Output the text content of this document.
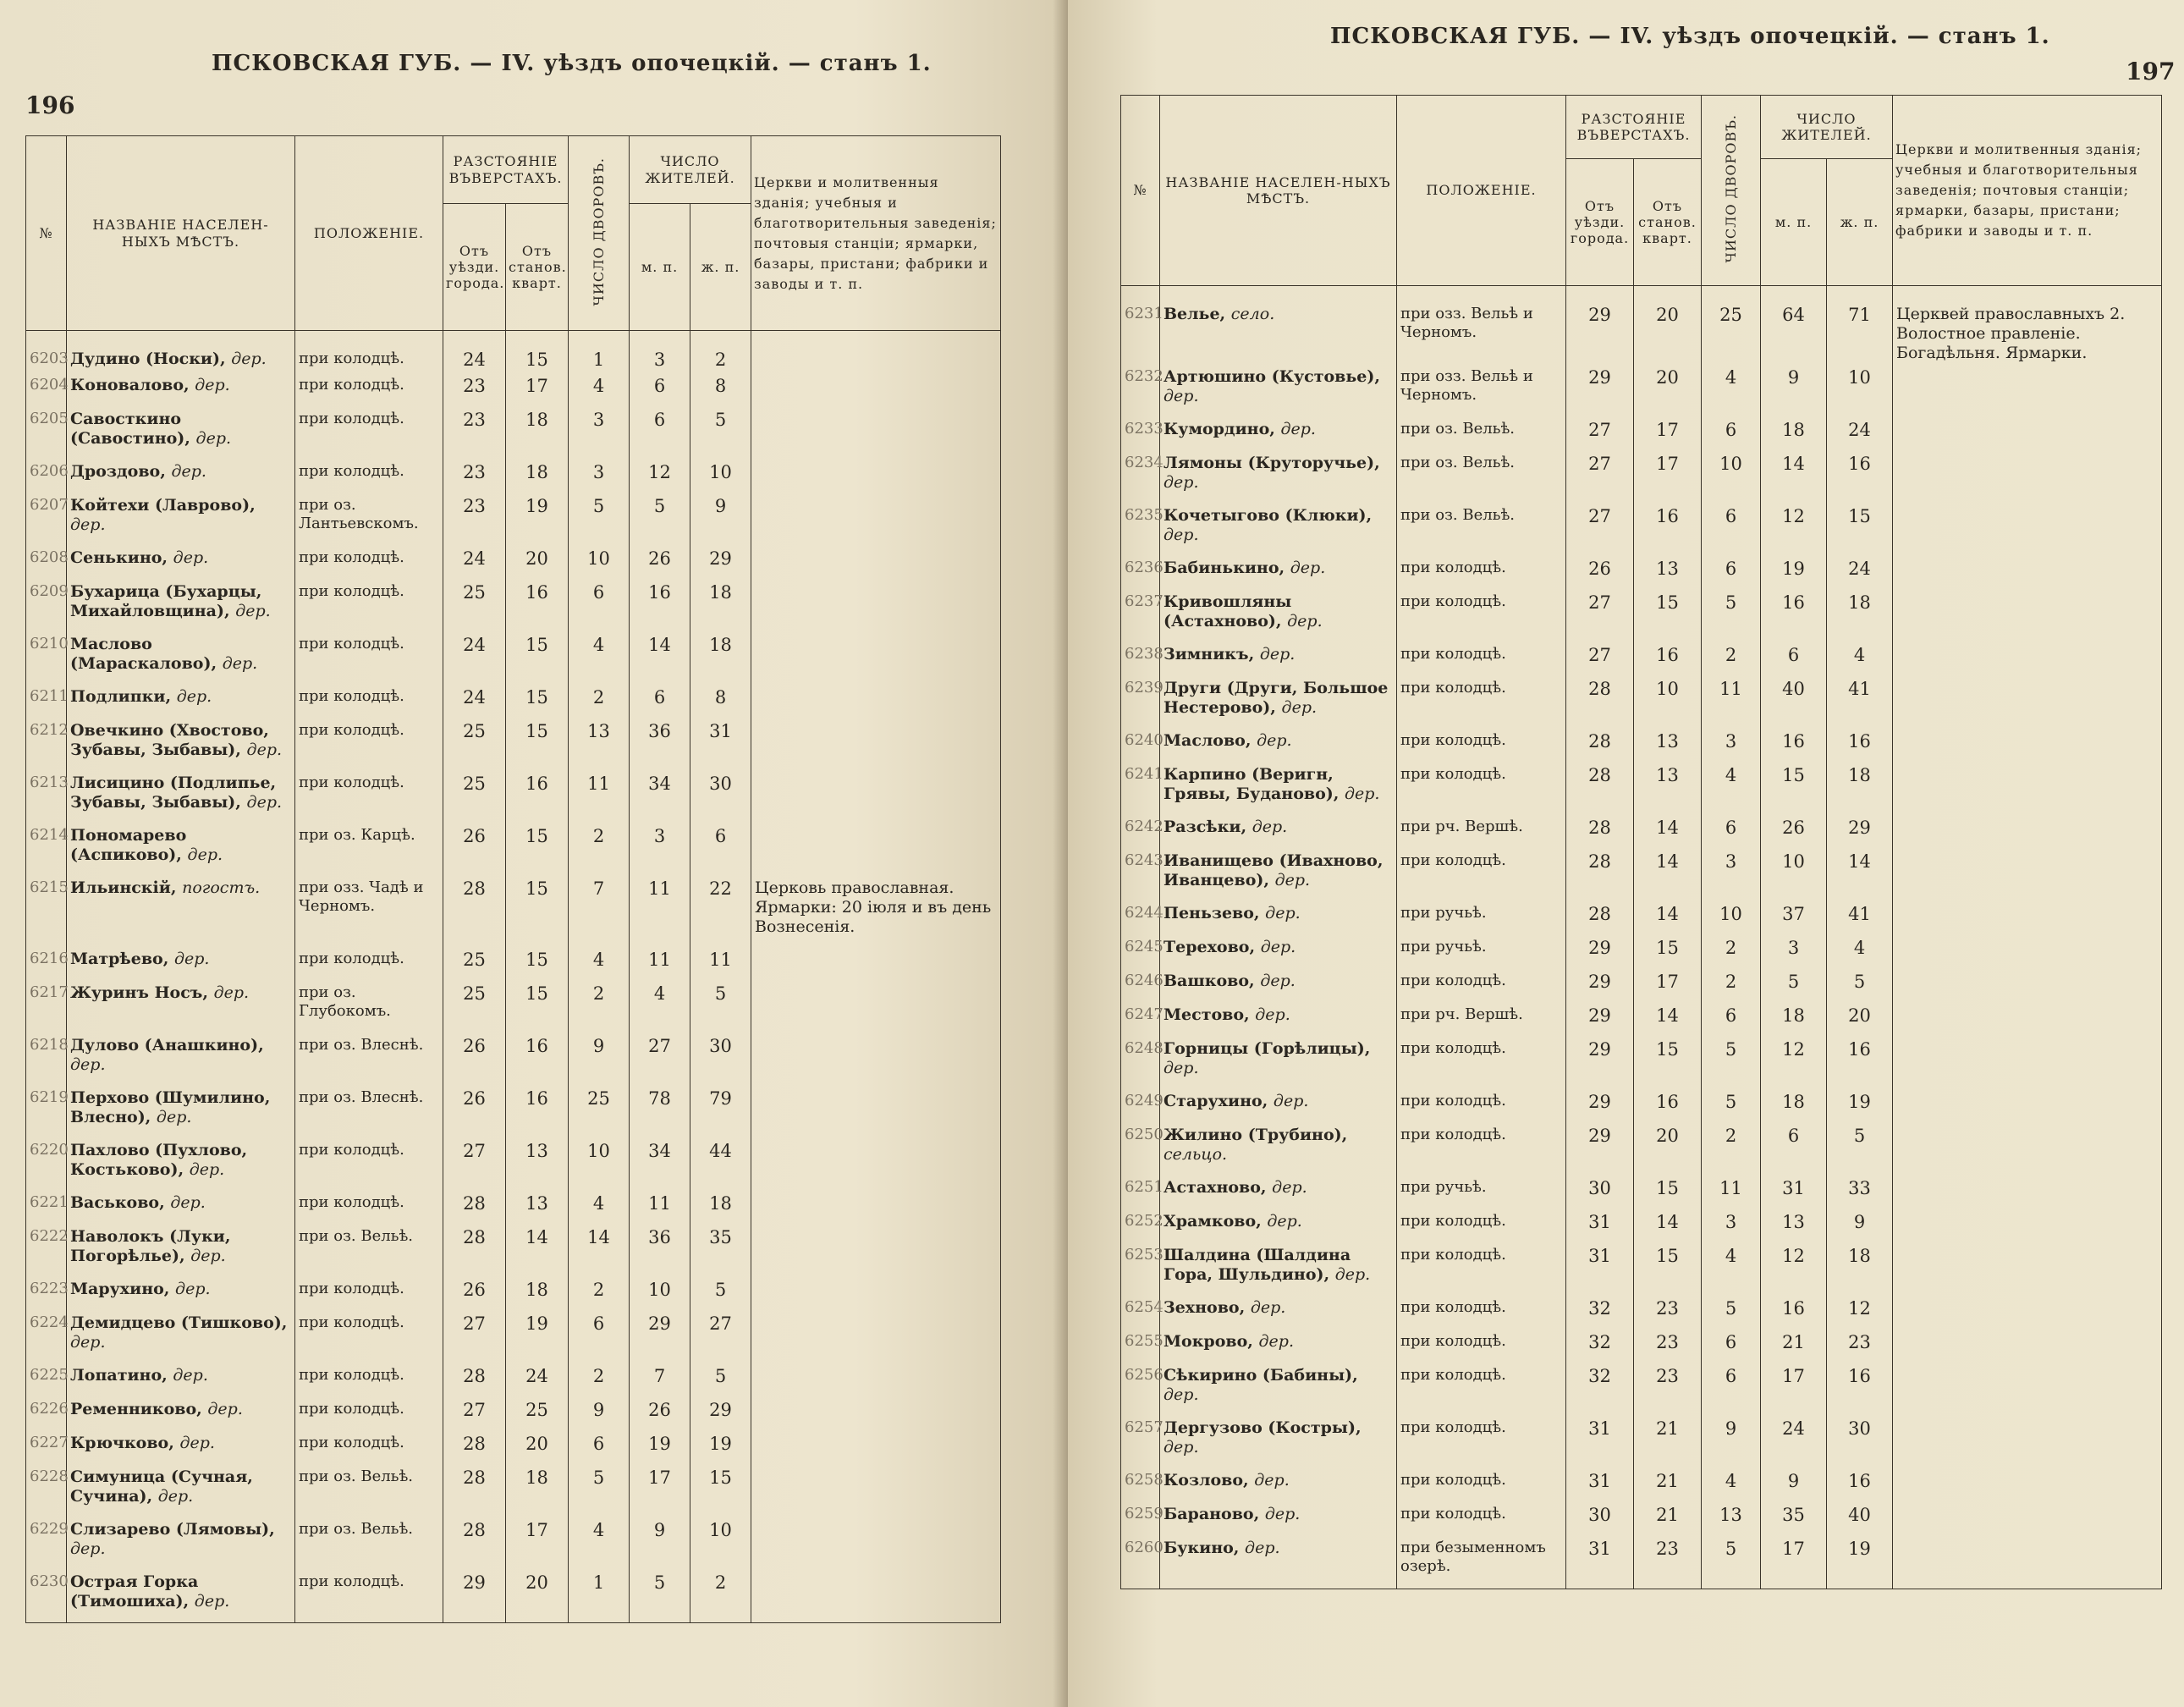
196
ПСКОВСКАЯ ГУБ. — IV. уѣздъ опочецкій. — станъ 1.
№	НАЗВАНІЕ НАСЕЛЕН-НЫХЪ МѢСТЪ.	ПОЛОЖЕНІЕ.	РАЗСТОЯНІЕ ВЪВЕРСТАХЪ.		ЧИСЛО ДВОРОВЪ.	ЧИСЛО ЖИТЕЛЕЙ.		Церкви и молитвенныя зданія; учебныя и благотворительныя заведенія; почтовыя станціи; ярмарки, базары, пристани; фабрики и заводы и т. п.
			Отъ уѣзди. города.	Отъ станов. кварт.		м. п.	ж. п.	
6203	Дудино (Носки), дер.	при колодцѣ.	24	15	1	3	2	
6204	Коновалово, дер.	при колодцѣ.	23	17	4	6	8	
6205	Савосткино (Савостино), дер.	при колодцѣ.	23	18	3	6	5	
6206	Дроздово, дер.	при колодцѣ.	23	18	3	12	10	
6207	Койтехи (Лаврово), дер.	при оз. Лантьевскомъ.	23	19	5	5	9	
6208	Сенькино, дер.	при колодцѣ.	24	20	10	26	29	
6209	Бухарица (Бухарцы, Михайловщина), дер.	при колодцѣ.	25	16	6	16	18	
6210	Маслово (Мараскалово), дер.	при колодцѣ.	24	15	4	14	18	
6211	Подлипки, дер.	при колодцѣ.	24	15	2	6	8	
6212	Овечкино (Хвостово, Зубавы, Зыбавы), дер.	при колодцѣ.	25	15	13	36	31	
6213	Лисицино (Подлипье, Зубавы, Зыбавы), дер.	при колодцѣ.	25	16	11	34	30	
6214	Пономарево (Аспиково), дер.	при оз. Карцѣ.	26	15	2	3	6	
6215	Ильинскій, погостъ.	при озз. Чадѣ и Черномъ.	28	15	7	11	22	Церковь православная. Ярмарки: 20 іюля и въ день Вознесенія.
6216	Матрѣево, дер.	при колодцѣ.	25	15	4	11	11	
6217	Журинъ Носъ, дер.	при оз. Глубокомъ.	25	15	2	4	5	
6218	Дулово (Анашкино), дер.	при оз. Влеснѣ.	26	16	9	27	30	
6219	Перхово (Шумилино, Влесно), дер.	при оз. Влеснѣ.	26	16	25	78	79	
6220	Пахлово (Пухлово, Костьково), дер.	при колодцѣ.	27	13	10	34	44	
6221	Васьково, дер.	при колодцѣ.	28	13	4	11	18	
6222	Наволокъ (Луки, Погорѣлье), дер.	при оз. Вельѣ.	28	14	14	36	35	
6223	Марухино, дер.	при колодцѣ.	26	18	2	10	5	
6224	Демидцево (Тишково), дер.	при колодцѣ.	27	19	6	29	27	
6225	Лопатино, дер.	при колодцѣ.	28	24	2	7	5	
6226	Ременниково, дер.	при колодцѣ.	27	25	9	26	29	
6227	Крючково, дер.	при колодцѣ.	28	20	6	19	19	
6228	Симуница (Сучная, Сучина), дер.	при оз. Вельѣ.	28	18	5	17	15	
6229	Слизарево (Лямовы), дер.	при оз. Вельѣ.	28	17	4	9	10	
6230	Острая Горка (Тимошиха), дер.	при колодцѣ.	29	20	1	5	2	
ПСКОВСКАЯ ГУБ. — IV. уѣздъ опочецкій. — станъ 1.
197
№	НАЗВАНІЕ НАСЕЛЕН-НЫХЪ МѢСТЪ.	ПОЛОЖЕНІЕ.	РАЗСТОЯНІЕ ВЪВЕРСТАХЪ.		ЧИСЛО ДВОРОВЪ.	ЧИСЛО ЖИТЕЛЕЙ.		Церкви и молитвенныя зданія; учебныя и благотворительныя заведенія; почтовыя станціи; ярмарки, базары, пристани; фабрики и заводы и т. п.
			Отъ уѣзди. города.	Отъ станов. кварт.		м. п.	ж. п.	
6231	Велье, село.	при озз. Вельѣ и Черномъ.	29	20	25	64	71	Церквей православныхъ 2. Волостное правленіе. Богадѣльня. Ярмарки.
6232	Артюшино (Кустовье), дер.	при озз. Вельѣ и Черномъ.	29	20	4	9	10	
6233	Кумордино, дер.	при оз. Вельѣ.	27	17	6	18	24	
6234	Лямоны (Круторучье), дер.	при оз. Вельѣ.	27	17	10	14	16	
6235	Кочетыгово (Клюки), дер.	при оз. Вельѣ.	27	16	6	12	15	
6236	Бабинькино, дер.	при колодцѣ.	26	13	6	19	24	
6237	Кривошляны (Астахново), дер.	при колодцѣ.	27	15	5	16	18	
6238	Зимникъ, дер.	при колодцѣ.	27	16	2	6	4	
6239	Други (Други, Большое Нестерово), дер.	при колодцѣ.	28	10	11	40	41	
6240	Маслово, дер.	при колодцѣ.	28	13	3	16	16	
6241	Карпино (Веригн, Грявы, Буданово), дер.	при колодцѣ.	28	13	4	15	18	
6242	Разсѣки, дер.	при рч. Вершѣ.	28	14	6	26	29	
6243	Иванищево (Ивахново, Иванцево), дер.	при колодцѣ.	28	14	3	10	14	
6244	Пеньзево, дер.	при ручьѣ.	28	14	10	37	41	
6245	Терехово, дер.	при ручьѣ.	29	15	2	3	4	
6246	Вашково, дер.	при колодцѣ.	29	17	2	5	5	
6247	Местово, дер.	при рч. Вершѣ.	29	14	6	18	20	
6248	Горницы (Горѣлицы), дер.	при колодцѣ.	29	15	5	12	16	
6249	Старухино, дер.	при колодцѣ.	29	16	5	18	19	
6250	Жилино (Трубино), сельцо.	при колодцѣ.	29	20	2	6	5	
6251	Астахново, дер.	при ручьѣ.	30	15	11	31	33	
6252	Храмково, дер.	при колодцѣ.	31	14	3	13	9	
6253	Шалдина (Шалдина Гора, Шульдино), дер.	при колодцѣ.	31	15	4	12	18	
6254	Зехново, дер.	при колодцѣ.	32	23	5	16	12	
6255	Мокрово, дер.	при колодцѣ.	32	23	6	21	23	
6256	Сѣкирино (Бабины), дер.	при колодцѣ.	32	23	6	17	16	
6257	Дергузово (Костры), дер.	при колодцѣ.	31	21	9	24	30	
6258	Козлово, дер.	при колодцѣ.	31	21	4	9	16	
6259	Бараново, дер.	при колодцѣ.	30	21	13	35	40	
6260	Букино, дер.	при безыменномъ озерѣ.	31	23	5	17	19	
